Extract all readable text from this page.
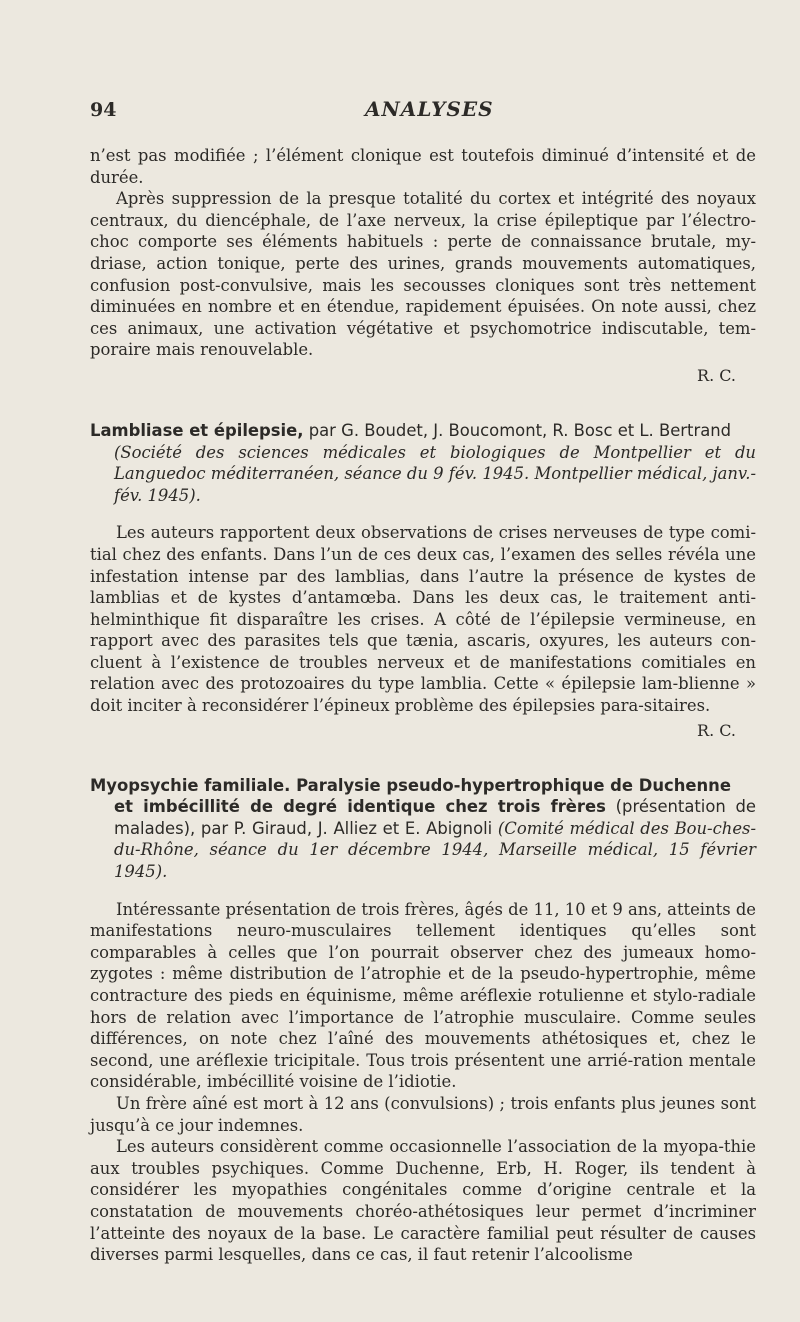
94	ANALYSES

n’est pas modifiée ; l’élément clonique est toutefois diminué d’intensité et de durée.

Après suppression de la presque totalité du cortex et intégrité des noyaux centraux, du diencéphale, de l’axe nerveux, la crise épileptique par l’électro-choc comporte ses éléments habituels : perte de connaissance brutale, my-driase, action tonique, perte des urines, grands mouvements automatiques, confusion post-convulsive, mais les secousses cloniques sont très nettement diminuées en nombre et en étendue, rapidement épuisées. On note aussi, chez ces animaux, une activation végétative et psychomotrice indiscutable, tem-poraire mais renouvelable.

R. C.
Lambliase et épilepsie, par G. Boudet, J. Boucomont, R. Bosc et L. Bertrand
(Société des sciences médicales et biologiques de Montpellier et du Languedoc méditerranéen, séance du 9 fév. 1945. Montpellier médical, janv.-fév. 1945).

Les auteurs rapportent deux observations de crises nerveuses de type comi-tial chez des enfants. Dans l’un de ces deux cas, l’examen des selles révéla une infestation intense par des lamblias, dans l’autre la présence de kystes de lamblias et de kystes d’antamœba. Dans les deux cas, le traitement anti-helminthique fit disparaître les crises. A côté de l’épilepsie vermineuse, en rapport avec des parasites tels que tænia, ascaris, oxyures, les auteurs con-cluent à l’existence de troubles nerveux et de manifestations comitiales en relation avec des protozoaires du type lamblia. Cette « épilepsie lam-blienne » doit inciter à reconsidérer l’épineux problème des épilepsies para-sitaires.

R. C.
Myopsychie familiale. Paralysie pseudo-hypertrophique de Duchenne
et imbécillité de degré identique chez trois frères (présentation de malades), par P. Giraud, J. Alliez et E. Abignoli (Comité médical des Bou-ches-du-Rhône, séance du 1er décembre 1944, Marseille médical, 15 février 1945).

Intéressante présentation de trois frères, âgés de 11, 10 et 9 ans, atteints de manifestations neuro-musculaires tellement identiques qu’elles sont comparables à celles que l’on pourrait observer chez des jumeaux homo-zygotes : même distribution de l’atrophie et de la pseudo-hypertrophie, même contracture des pieds en équinisme, même aréflexie rotulienne et stylo-radiale hors de relation avec l’importance de l’atrophie musculaire. Comme seules différences, on note chez l’aîné des mouvements athétosiques et, chez le second, une aréflexie tricipitale. Tous trois présentent une arrié-ration mentale considérable, imbécillité voisine de l’idiotie.

Un frère aîné est mort à 12 ans (convulsions) ; trois enfants plus jeunes sont jusqu’à ce jour indemnes.

Les auteurs considèrent comme occasionnelle l’association de la myopa-thie aux troubles psychiques. Comme Duchenne, Erb, H. Roger, ils tendent à considérer les myopathies congénitales comme d’origine centrale et la constatation de mouvements choréo-athétosiques leur permet d’incriminer l’atteinte des noyaux de la base. Le caractère familial peut résulter de causes diverses parmi lesquelles, dans ce cas, il faut retenir l’alcoolisme
